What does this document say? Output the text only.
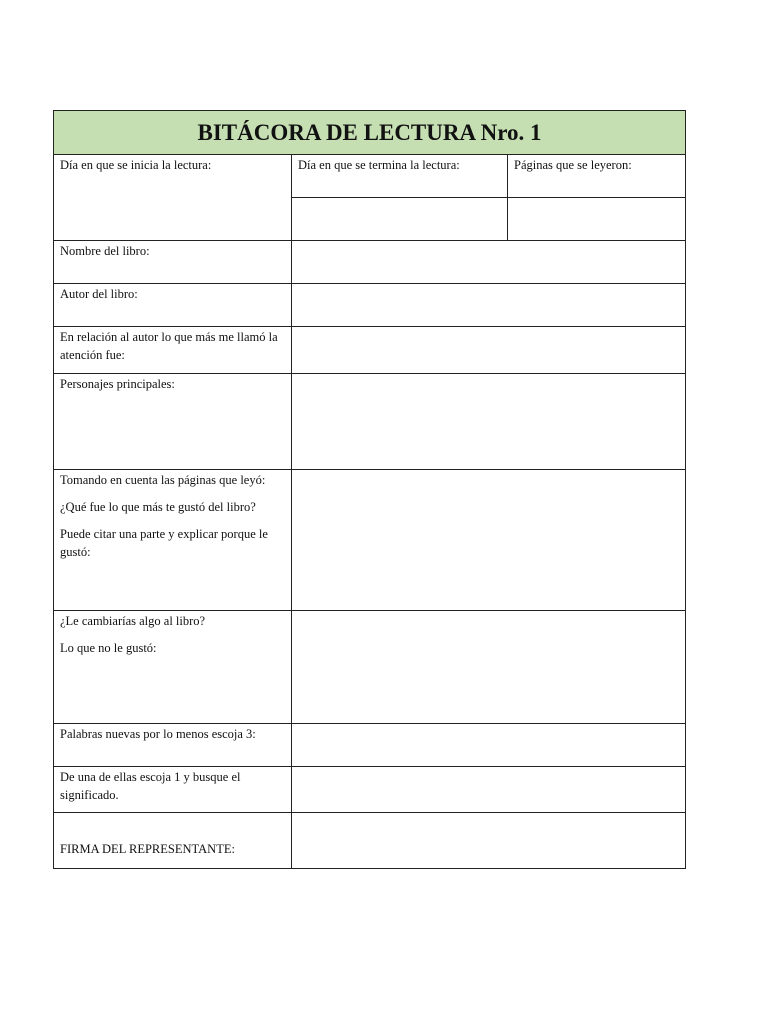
BITÁCORA DE LECTURA Nro. 1		

Día en que se inicia la lectura:	Día en que se termina la lectura:	Páginas que se leyeron:

Nombre del libro:		

Autor del libro:		

En relación al autor lo que más me llamó la atención fue:		

Personajes principales:		

Tomando en cuenta las páginas que leyó:

¿Qué fue lo que más te gustó del libro?

Puede citar una parte y explicar porque le gustó:		

¿Le cambiarías algo al libro?

Lo que no le gustó:		

Palabras nuevas por lo menos escoja 3:		

De una de ellas escoja 1 y busque el significado.		

FIRMA DEL REPRESENTANTE:		
